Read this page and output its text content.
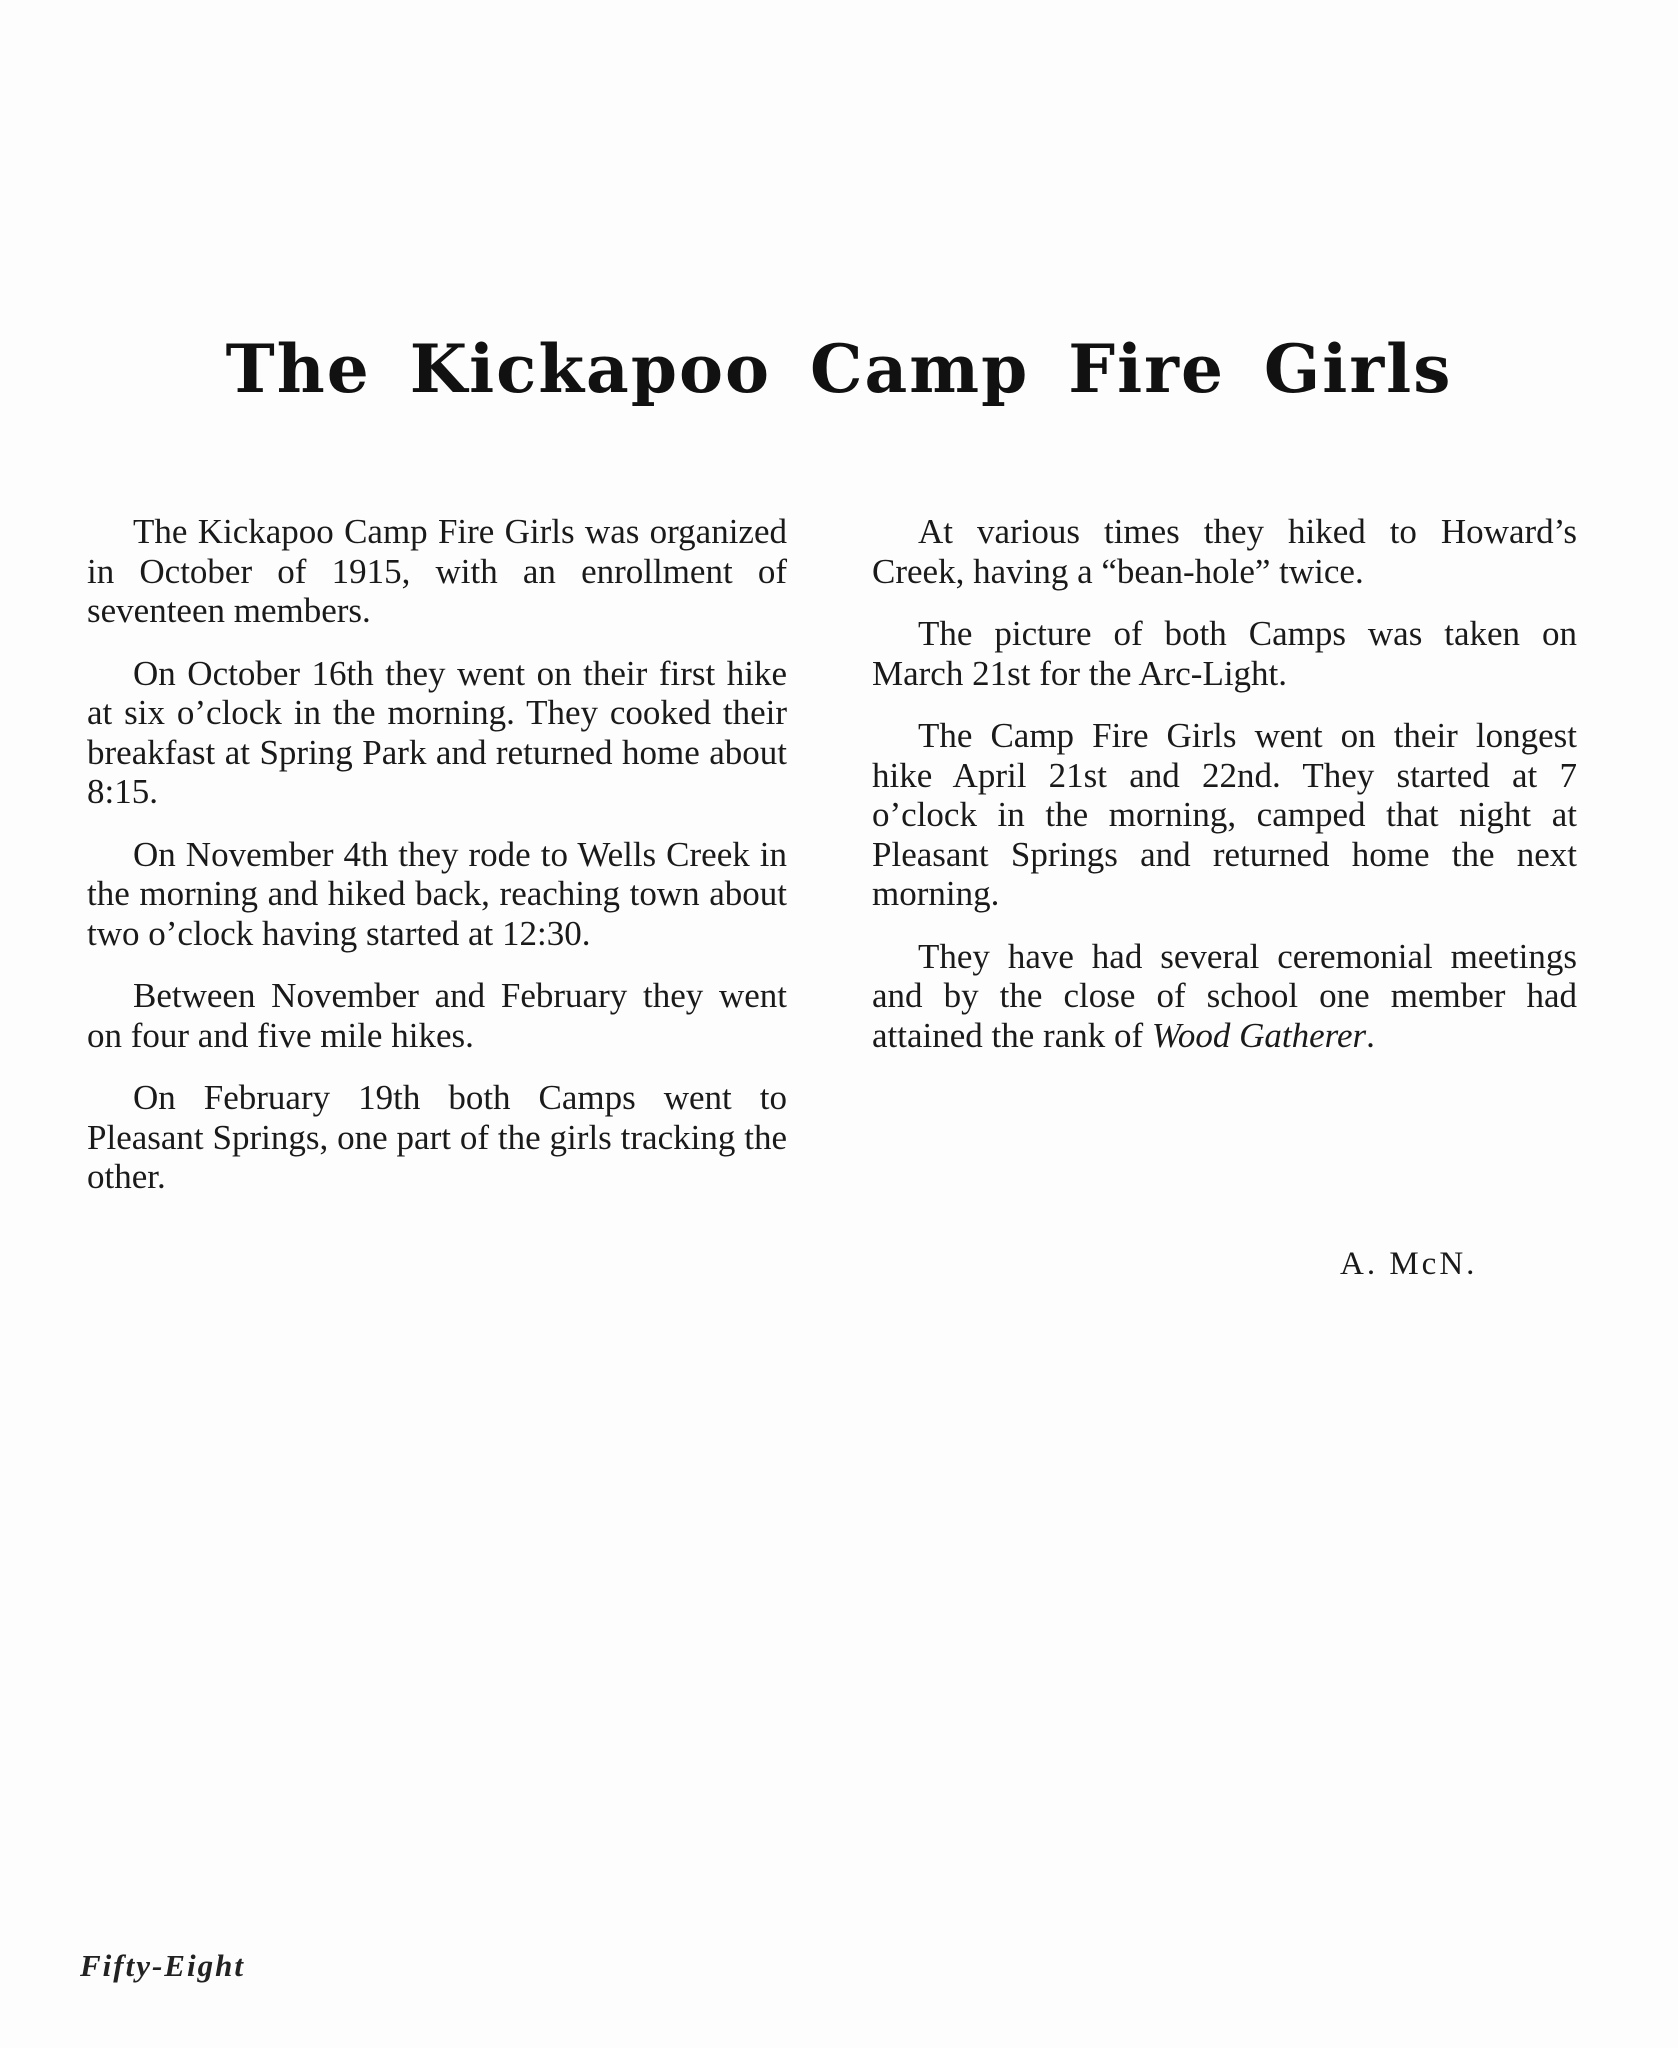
The Kickapoo Camp Fire Girls

The Kickapoo Camp Fire Girls was organized in October of 1915, with an enrollment of seventeen members.

On October 16th they went on their first hike at six o’clock in the morning. They cooked their breakfast at Spring Park and returned home about 8:15.

On November 4th they rode to Wells Creek in the morning and hiked back, reaching town about two o’clock having started at 12:30.

Between November and February they went on four and five mile hikes.

On February 19th both Camps went to Pleasant Springs, one part of the girls tracking the other.

At various times they hiked to Howard’s Creek, having a “bean-hole” twice.

The picture of both Camps was taken on March 21st for the Arc-Light.

The Camp Fire Girls went on their longest hike April 21st and 22nd. They started at 7 o’clock in the morning, camped that night at Pleasant Springs and returned home the next morning.

They have had several ceremonial meetings and by the close of school one member had attained the rank of Wood Gatherer.

A. McN.

Fifty-Eight
